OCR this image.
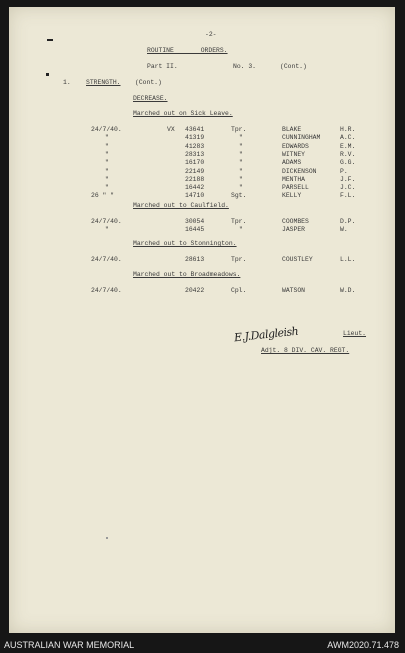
-2-
ROUTINE       ORDERS.
Part II.	No. 3.	(Cont.)
1. STRENGTH. (Cont.)
DECREASE.
Marched out on Sick Leave.
24/7/40.	VX 43641	Tpr.	BLAKE	H.R.
"	41319	"	CUNNINGHAM	A.C.
"	41283	"	EDWARDS	E.M.
"	28313	"	WITNEY	R.V.
"	16170	"	ADAMS	G.G.
"	22149	"	DICKENSON	P.
"	22188	"	MENTHA	J.F.
"	16442	"	PARSELL	J.C.
26 " "	14710	Sgt.	KELLY	F.L.
Marched out to Caulfield.
24/7/40.	30054	Tpr.	COOMBES	D.P.
"	16445	"	JASPER	W.
Marched out to Stonnington.
24/7/40.	28613	Tpr.	COUSTLEY	L.L.
Marched out to Broadmeadows.
24/7/40.	20422	Cpl.	WATSON	W.D.
E.J.Dalgleish	Lieut.
Adjt. 8 DIV. CAV. REGT.
AUSTRALIAN WAR MEMORIAL	AWM2020.71.478
